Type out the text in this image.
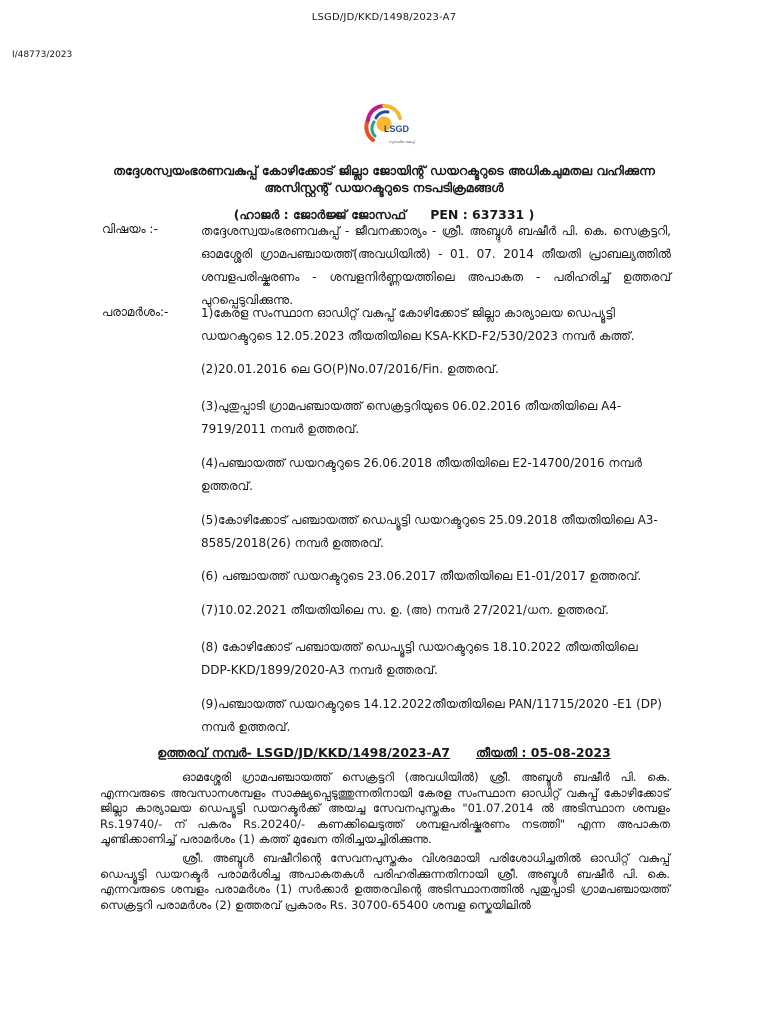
LSGD/JD/KKD/1498/2023-A7
I/48773/2023
LSGD
സുസ്ഥിര വകുപ്പ്
തദ്ദേശസ്വയംഭരണവകുപ്പ് കോഴിക്കോട് ജില്ലാ ജോയിന്റ് ഡയറക്ടറുടെ അധികചുമതല വഹിക്കുന്ന അസിസ്റ്റന്റ് ഡയറക്ടറുടെ നടപടിക്രമങ്ങൾ
(ഹാജർ : ജോർജ്ജ് ജോസഫ് PEN : 637331 )
വിഷയം :-	തദ്ദേശസ്വയംഭരണവകുപ്പ് - ജീവനക്കാര്യം - ശ്രീ. അബ്ദുൾ ബഷീർ പി. കെ. സെക്രട്ടറി, ഓമശ്ശേരി ഗ്രാമപഞ്ചായത്ത്(അവധിയിൽ) - 01. 07. 2014 തീയതി പ്രാബല്യത്തിൽ ശമ്പളപരിഷ്കരണം - ശമ്പളനിർണ്ണയത്തിലെ അപാകത - പരിഹരിച്ച് ഉത്തരവ് പുറപ്പെടുവിക്കുന്നു.
പരാമർശം:-	1)കേരള സംസ്ഥാന ഓഡിറ്റ് വകുപ്പ് കോഴിക്കോട് ജില്ലാ കാര്യാലയ ഡെപ്യൂട്ടി ഡയറക്ടറുടെ 12.05.2023 തീയതിയിലെ KSA-KKD-F2/530/2023 നമ്പർ കത്ത്.
(2)20.01.2016 ലെ GO(P)No.07/2016/Fin. ഉത്തരവ്.
(3)പുതുപ്പാടി ഗ്രാമപഞ്ചായത്ത് സെക്രട്ടറിയുടെ 06.02.2016 തീയതിയിലെ A4-7919/2011 നമ്പർ ഉത്തരവ്.
(4)പഞ്ചായത്ത് ഡയറക്ടറുടെ 26.06.2018 തീയതിയിലെ E2-14700/2016 നമ്പർ ഉത്തരവ്.
(5)കോഴിക്കോട് പഞ്ചായത്ത് ഡെപ്യൂട്ടി ഡയറക്ടറുടെ 25.09.2018 തീയതിയിലെ A3-8585/2018(26) നമ്പർ ഉത്തരവ്.
(6) പഞ്ചായത്ത് ഡയറക്ടറുടെ 23.06.2017 തീയതിയിലെ E1-01/2017 ഉത്തരവ്.
(7)10.02.2021 തീയതിയിലെ സ. ഉ. (അ) നമ്പർ 27/2021/ധന. ഉത്തരവ്.
(8) കോഴിക്കോട് പഞ്ചായത്ത് ഡെപ്യൂട്ടി ഡയറക്ടറുടെ 18.10.2022 തീയതിയിലെ DDP-KKD/1899/2020-A3 നമ്പർ ഉത്തരവ്.
(9)പഞ്ചായത്ത് ഡയറക്ടറുടെ 14.12.2022തീയതിയിലെ PAN/11715/2020 -E1 (DP) നമ്പർ ഉത്തരവ്.
ഉത്തരവ് നമ്പർ- LSGD/JD/KKD/1498/2023-A7 തീയതി : 05-08-2023
ഓമശ്ശേരി ഗ്രാമപഞ്ചായത്ത് സെക്രട്ടറി (അവധിയിൽ) ശ്രീ. അബ്ദുൾ ബഷീർ പി. കെ. എന്നവരുടെ അവസാനശമ്പളം സാക്ഷ്യപ്പെടുത്തുന്നതിനായി കേരള സംസ്ഥാന ഓഡിറ്റ് വകുപ്പ് കോഴിക്കോട് ജില്ലാ കാര്യാലയ ഡെപ്യൂട്ടി ഡയറക്ടർക്ക് അയച്ച സേവനപുസ്തകം "01.07.2014 ൽ അടിസ്ഥാന ശമ്പളം Rs.19740/- ന് പകരം Rs.20240/- കണക്കിലെടുത്ത് ശമ്പളപരിഷ്കരണം നടത്തി" എന്ന അപാകത ചൂണ്ടിക്കാണിച്ച് പരാമർശം (1) കത്ത് മുഖേന തിരിച്ചയച്ചിരിക്കുന്നു.
ശ്രീ. അബ്ദുൾ ബഷീറിന്റെ സേവനപുസ്തകം വിശദമായി പരിശോധിച്ചതിൽ ഓഡിറ്റ് വകുപ്പ് ഡെപ്യൂട്ടി ഡയറക്ടർ പരാമർശിച്ച അപാകതകൾ പരിഹരിക്കുന്നതിനായി ശ്രീ. അബ്ദുൾ ബഷീർ പി. കെ. എന്നവരുടെ ശമ്പളം പരാമർശം (1) സർക്കാർ ഉത്തരവിന്റെ അടിസ്ഥാനത്തിൽ പുതുപ്പാടി ഗ്രാമപഞ്ചായത്ത് സെക്രട്ടറി പരാമർശം (2) ഉത്തരവ് പ്രകാരം Rs. 30700-65400 ശമ്പള സ്കെയിലിൽ
